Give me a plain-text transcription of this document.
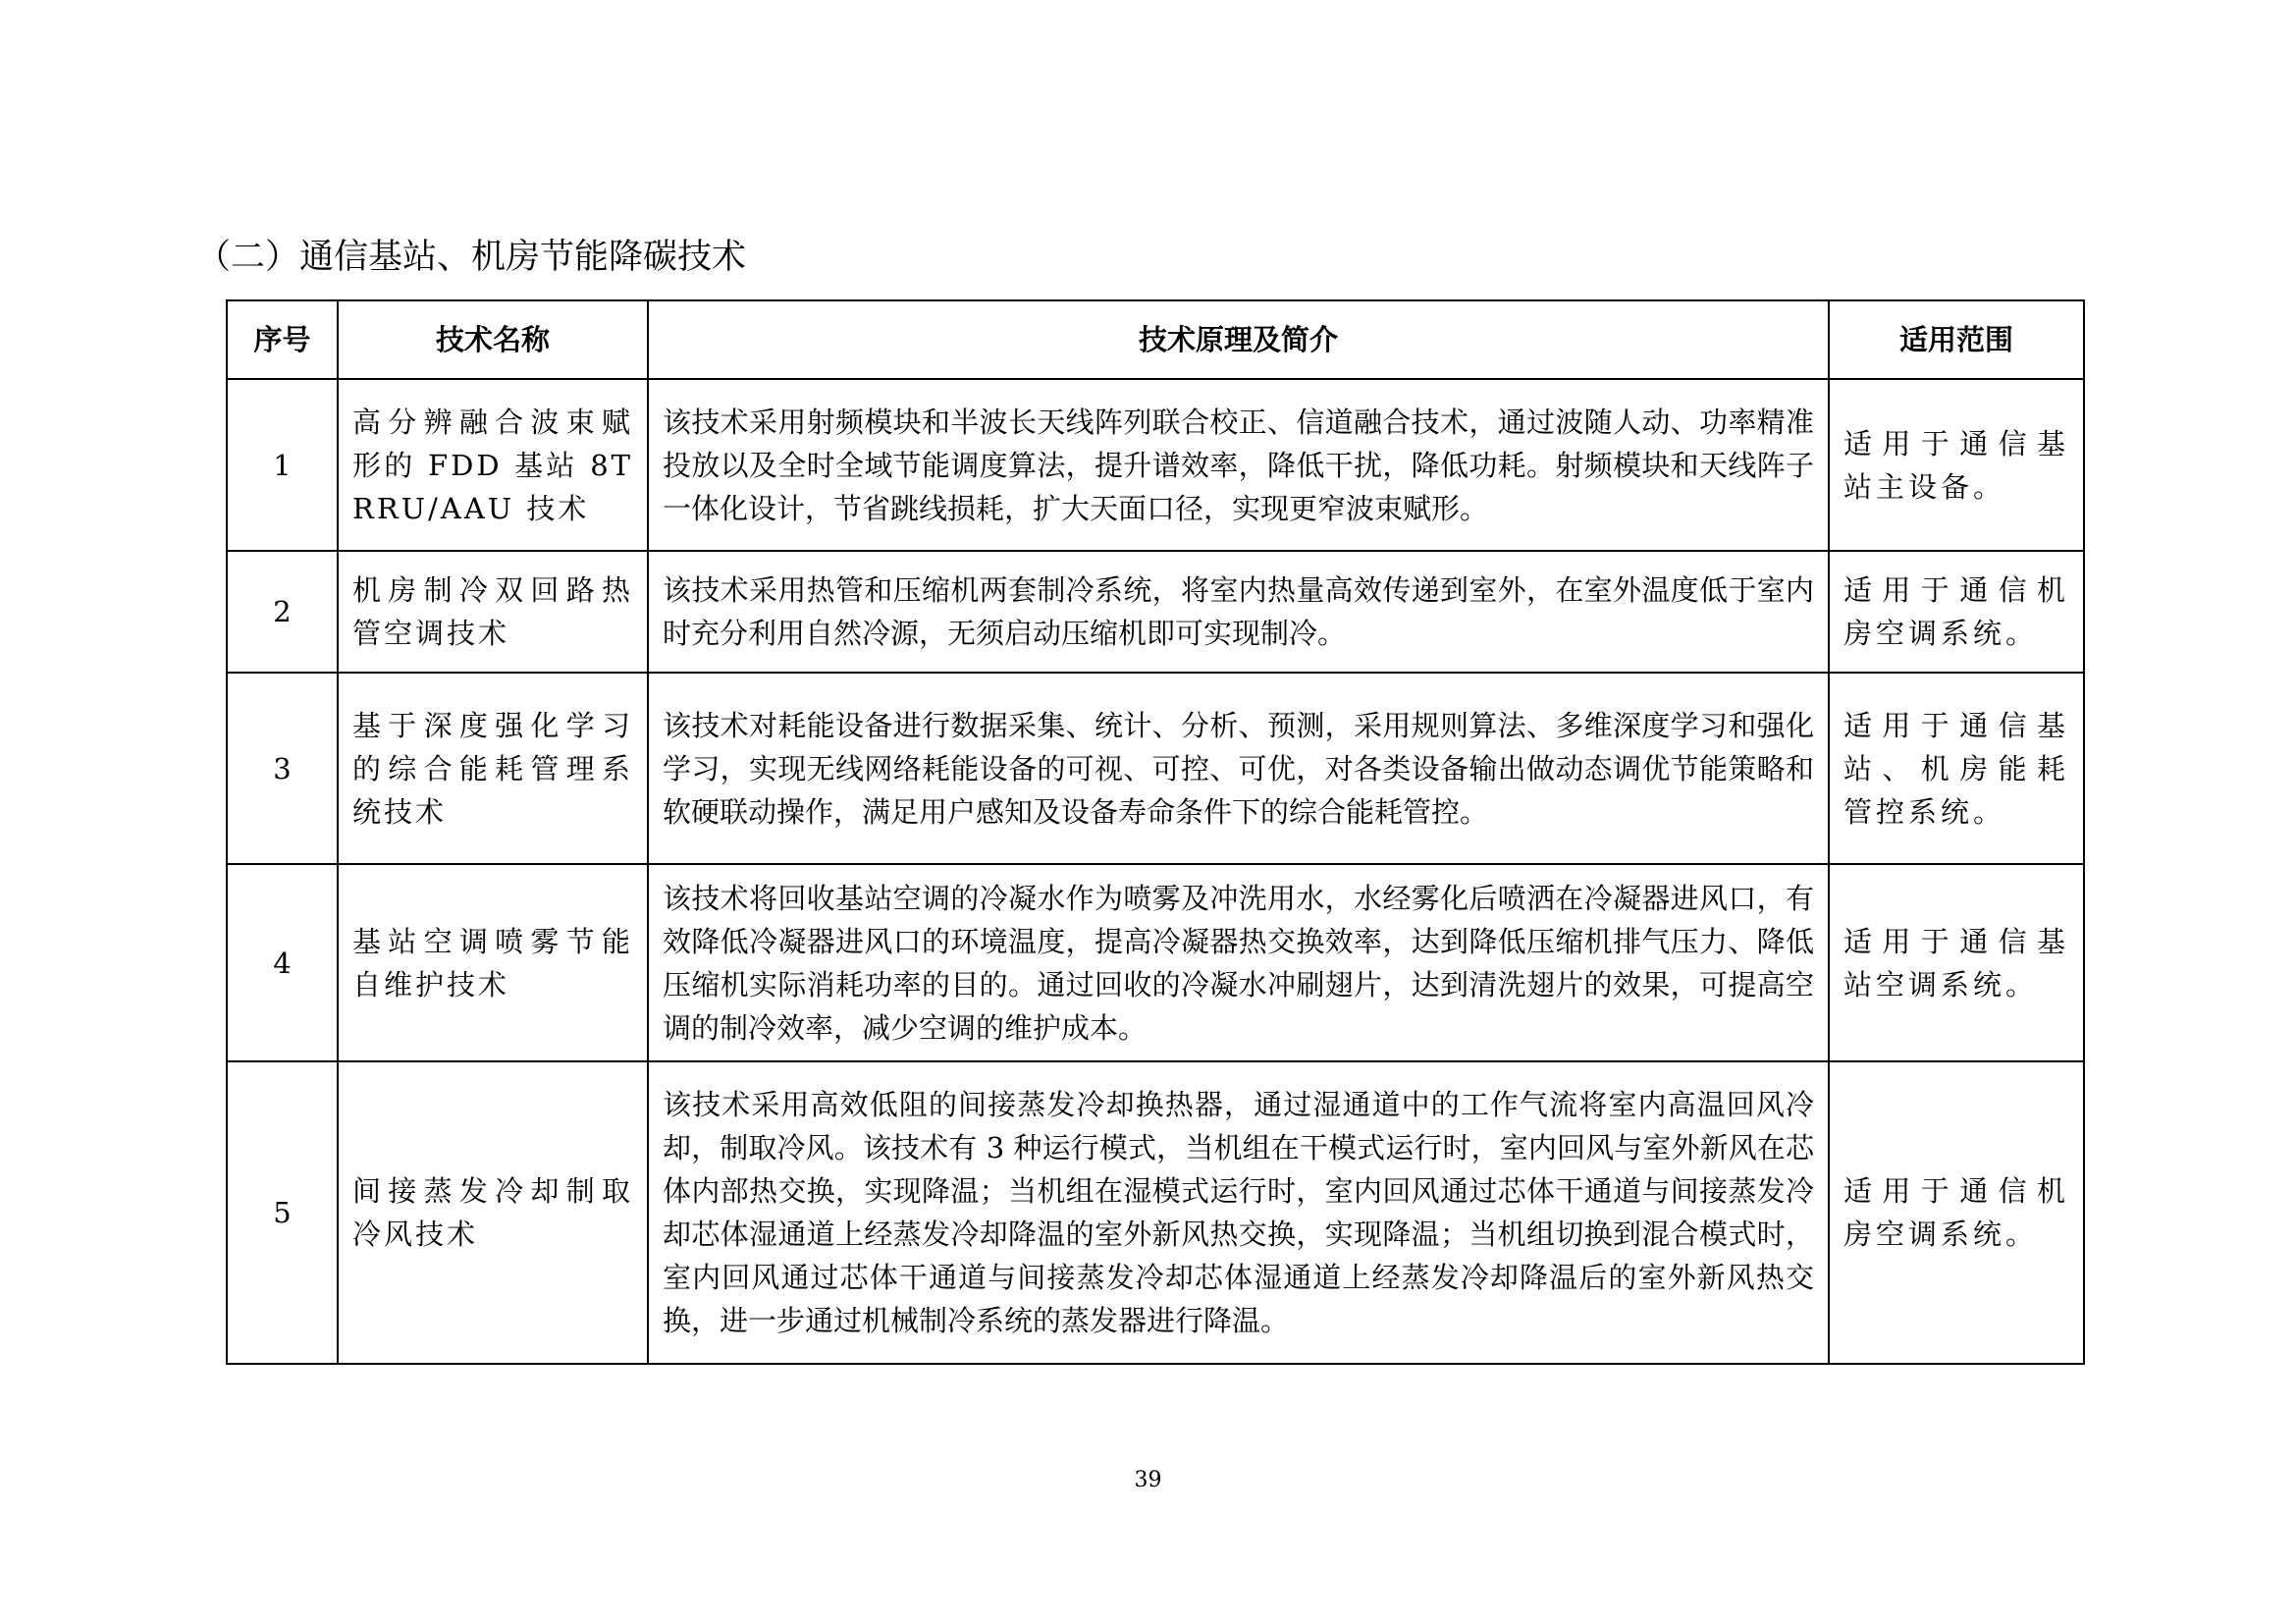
（二）通信基站、机房节能降碳技术
序号	技术名称	技术原理及简介	适用范围
1	高分辨融合波束赋形的 FDD 基站 8T RRU/AAU 技术	该技术采用射频模块和半波长天线阵列联合校正、信道融合技术，通过波随人动、功率精准投放以及全时全域节能调度算法，提升谱效率，降低干扰，降低功耗。射频模块和天线阵子一体化设计，节省跳线损耗，扩大天面口径，实现更窄波束赋形。	适用于通信基站主设备。
2	机房制冷双回路热管空调技术	该技术采用热管和压缩机两套制冷系统，将室内热量高效传递到室外，在室外温度低于室内时充分利用自然冷源，无须启动压缩机即可实现制冷。	适用于通信机房空调系统。
3	基于深度强化学习的综合能耗管理系统技术	该技术对耗能设备进行数据采集、统计、分析、预测，采用规则算法、多维深度学习和强化学习，实现无线网络耗能设备的可视、可控、可优，对各类设备输出做动态调优节能策略和软硬联动操作，满足用户感知及设备寿命条件下的综合能耗管控。	适用于通信基站、机房能耗管控系统。
4	基站空调喷雾节能自维护技术	该技术将回收基站空调的冷凝水作为喷雾及冲洗用水，水经雾化后喷洒在冷凝器进风口，有效降低冷凝器进风口的环境温度，提高冷凝器热交换效率，达到降低压缩机排气压力、降低压缩机实际消耗功率的目的。通过回收的冷凝水冲刷翅片，达到清洗翅片的效果，可提高空调的制冷效率，减少空调的维护成本。	适用于通信基站空调系统。
5	间接蒸发冷却制取冷风技术	该技术采用高效低阻的间接蒸发冷却换热器，通过湿通道中的工作气流将室内高温回风冷却，制取冷风。该技术有 3 种运行模式，当机组在干模式运行时，室内回风与室外新风在芯体内部热交换，实现降温；当机组在湿模式运行时，室内回风通过芯体干通道与间接蒸发冷却芯体湿通道上经蒸发冷却降温的室外新风热交换，实现降温；当机组切换到混合模式时，室内回风通过芯体干通道与间接蒸发冷却芯体湿通道上经蒸发冷却降温后的室外新风热交换，进一步通过机械制冷系统的蒸发器进行降温。	适用于通信机房空调系统。
39
